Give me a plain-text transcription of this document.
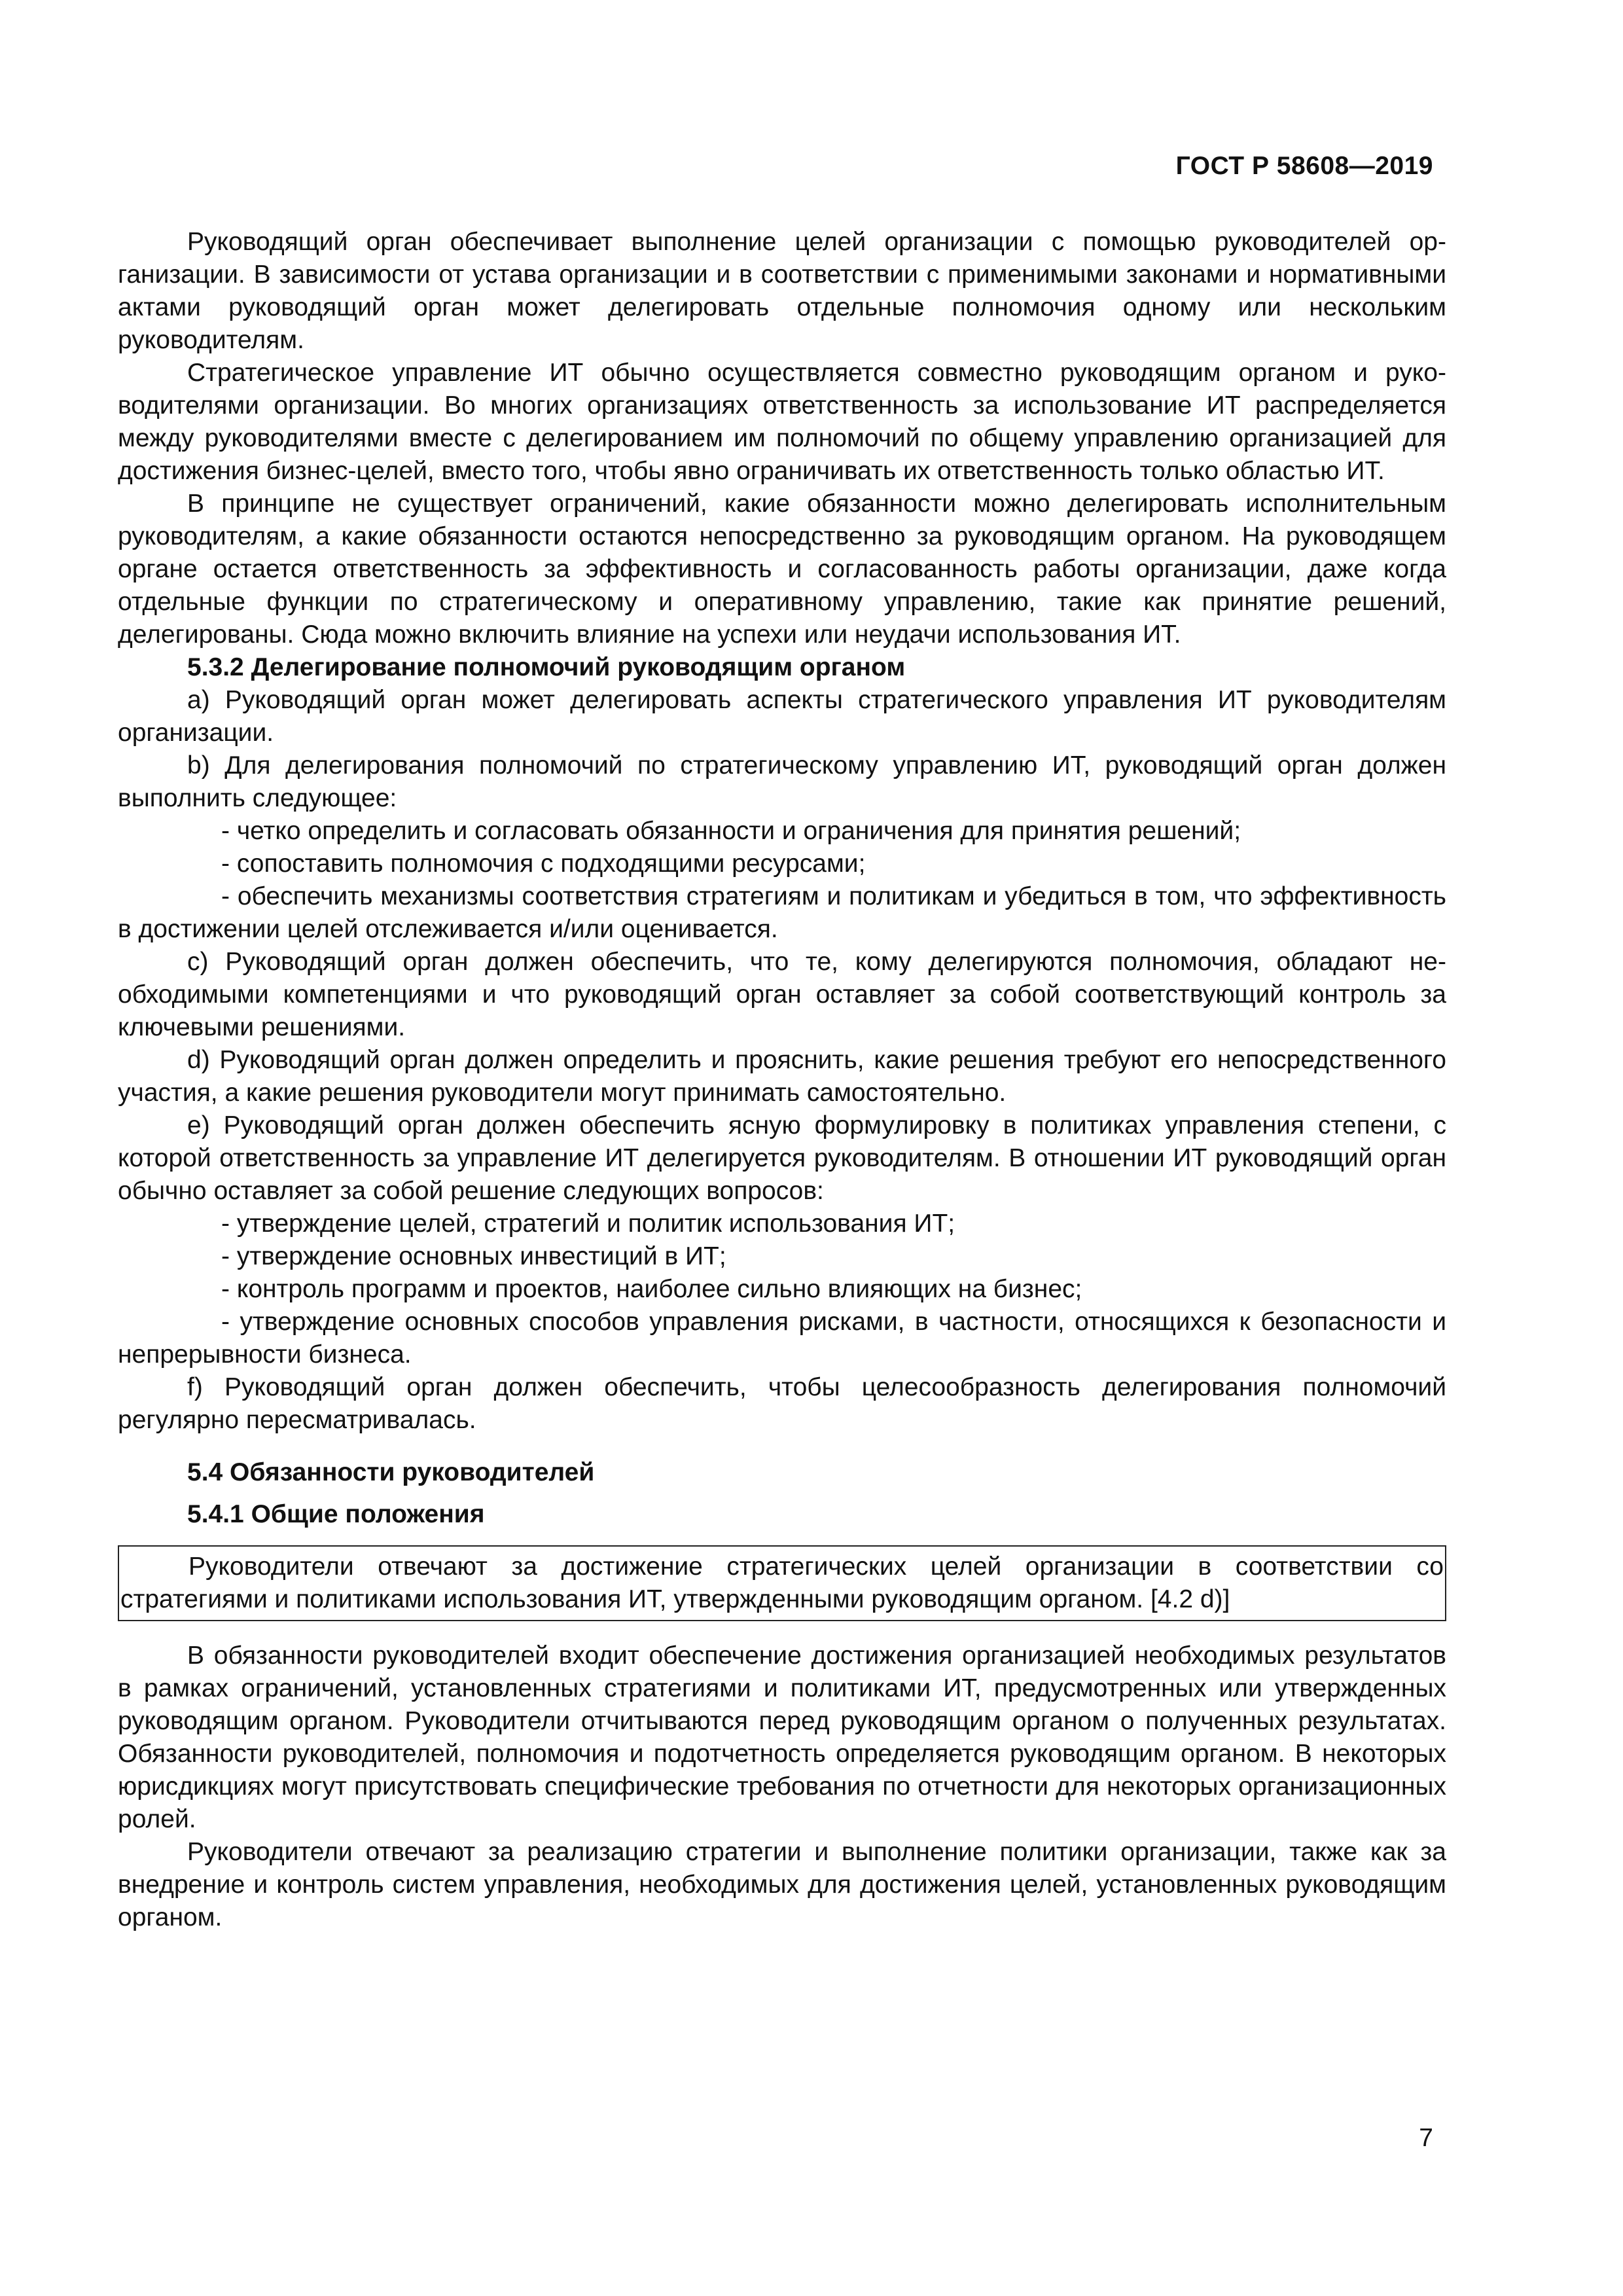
ГОСТ Р 58608—2019

Руководящий орган обеспечивает выполнение целей организации с помощью руководителей организации. В зависимости от устава организации и в соответствии с применимыми законами и нормативными актами руководящий орган может делегировать отдельные полномочия одному или нескольким руководителям.

Стратегическое управление ИТ обычно осуществляется совместно руководящим органом и руководителями организации. Во многих организациях ответственность за использование ИТ распределяется между руководителями вместе с делегированием им полномочий по общему управлению организацией для достижения бизнес-целей, вместо того, чтобы явно ограничивать их ответственность только областью ИТ.

В принципе не существует ограничений, какие обязанности можно делегировать исполнительным руководителям, а какие обязанности остаются непосредственно за руководящим органом. На руководящем органе остается ответственность за эффективность и согласованность работы организации, даже когда отдельные функции по стратегическому и оперативному управлению, такие как принятие решений, делегированы. Сюда можно включить влияние на успехи или неудачи использования ИТ.

5.3.2 Делегирование полномочий руководящим органом

а) Руководящий орган может делегировать аспекты стратегического управления ИТ руководителям организации.

b) Для делегирования полномочий по стратегическому управлению ИТ, руководящий орган должен выполнить следующее:

- четко определить и согласовать обязанности и ограничения для принятия решений;

- сопоставить полномочия с подходящими ресурсами;

- обеспечить механизмы соответствия стратегиям и политикам и убедиться в том, что эффективность в достижении целей отслеживается и/или оценивается.

с) Руководящий орган должен обеспечить, что те, кому делегируются полномочия, обладают необходимыми компетенциями и что руководящий орган оставляет за собой соответствующий контроль за ключевыми решениями.

d) Руководящий орган должен определить и прояснить, какие решения требуют его непосредственного участия, а какие решения руководители могут принимать самостоятельно.

е) Руководящий орган должен обеспечить ясную формулировку в политиках управления степени, с которой ответственность за управление ИТ делегируется руководителям. В отношении ИТ руководящий орган обычно оставляет за собой решение следующих вопросов:

- утверждение целей, стратегий и политик использования ИТ;

- утверждение основных инвестиций в ИТ;

- контроль программ и проектов, наиболее сильно влияющих на бизнес;

- утверждение основных способов управления рисками, в частности, относящихся к безопасности и непрерывности бизнеса.

f) Руководящий орган должен обеспечить, чтобы целесообразность делегирования полномочий регулярно пересматривалась.

5.4 Обязанности руководителей
5.4.1 Общие положения

Руководители отвечают за достижение стратегических целей организации в соответствии со стратегиями и политиками использования ИТ, утвержденными руководящим органом. [4.2 d)]

В обязанности руководителей входит обеспечение достижения организацией необходимых результатов в рамках ограничений, установленных стратегиями и политиками ИТ, предусмотренных или утвержденных руководящим органом. Руководители отчитываются перед руководящим органом о полученных результатах. Обязанности руководителей, полномочия и подотчетность определяется руководящим органом. В некоторых юрисдикциях могут присутствовать специфические требования по отчетности для некоторых организационных ролей.

Руководители отвечают за реализацию стратегии и выполнение политики организации, также как за внедрение и контроль систем управления, необходимых для достижения целей, установленных руководящим органом.

7
